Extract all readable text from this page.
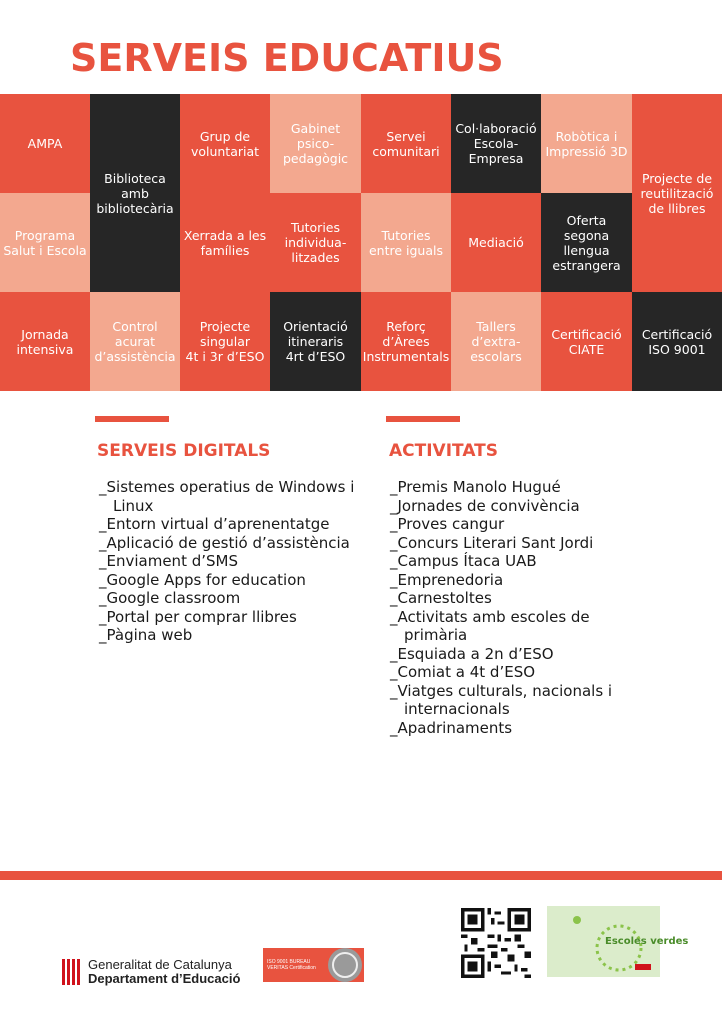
SERVEIS EDUCATIUS
AMPA
Biblioteca
amb
bibliotecària
Grup de
voluntariat
Gabinet
psico-
pedagògic
Servei
comunitari
Col·laboració
Escola-
Empresa
Robòtica i
Impressió 3D
Projecte de
reutilització
de llibres
Programa
Salut i Escola
Xerrada a les
famílies
Tutories
individua-
litzades
Tutories
entre iguals	Mediació
Oferta segona
llengua
estrangera
Jornada
intensiva
Control
acurat
d’assistència
Projecte
singular
4t i 3r d’ESO
Orientació
itineraris
4rt d’ESO
Reforç
d’Àrees
Instrumentals
Tallers
d’extra-
escolars
Certificació
CIATE
Certificació
ISO 9001
SERVEIS DIGITALS
_Sistemes operatius de Windows i Linux
_Entorn virtual d’aprenentatge
_Aplicació de gestió d’assistència
_Enviament d’SMS
_Google Apps for education
_Google classroom
_Portal per comprar llibres
_Pàgina web
ACTIVITATS
_Premis Manolo Hugué
_Jornades de convivència
_Proves cangur
_Concurs Literari Sant Jordi
_Campus Ítaca UAB
_Emprenedoria
_Carnestoltes
_Activitats amb escoles de primària
_Esquiada a 2n d’ESO
_Comiat a 4t d’ESO
_Viatges culturals, nacionals i internacionals
_Apadrinaments
Generalitat de Catalunya
Departament d’Educació
ISO 9001 BUREAU VERITAS Certification
Escoles verdes
